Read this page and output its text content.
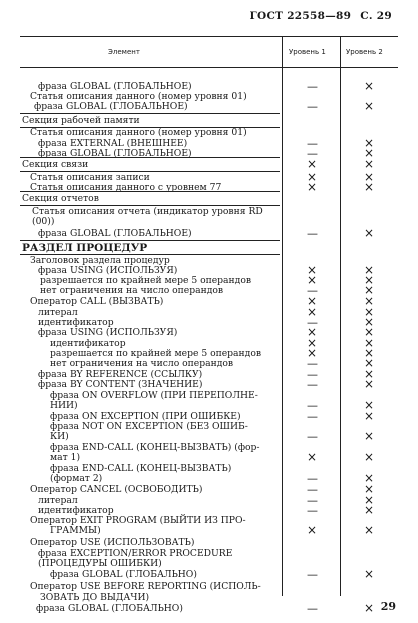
ГОСТ 22558—89 С. 29
Элемент	Уровень 1	Уровень 2
фраза GLOBAL (ГЛОБАЛЬНОЕ)	—	×
Статья описания данного (номер уровня 01)
фраза GLOBAL (ГЛОБАЛЬНОЕ)	—	×
Секция рабочей памяти
Статья описания данного (номер уровня 01)
фраза EXTERNAL (ВНЕШНЕЕ)	—	×
фраза GLOBAL (ГЛОБАЛЬНОЕ)	—	×
Секция связи	×	×
Статья описания записи	×	×
Статья описания данного с уровнем 77	×	×
Секция отчетов
Статья описания отчета (индикатор уровня RD
(00))
фраза GLOBAL (ГЛОБАЛЬНОЕ)	—	×
РАЗДЕЛ ПРОЦЕДУР
Заголовок раздела процедур
фраза USING (ИСПОЛЬЗУЯ)	×	×
разрешается по крайней мере 5 операндов	×	×
нет ограничения на число операндов	—	×
Оператор CALL (ВЫЗВАТЬ)	×	×
литерал	×	×
идентификатор	—	×
фраза USING (ИСПОЛЬЗУЯ)	×	×
идентификатор	×	×
разрешается по крайней мере 5 операндов	×	×
нет ограничения на число операндов	—	×
фраза BY REFERENCE (ССЫЛКУ)	—	×
фраза BY CONTENT (ЗНАЧЕНИЕ)	—	×
фраза ON OVERFLOW (ПРИ ПЕРЕПОЛНЕ-
НИИ)	—	×
фраза ON EXCEPTION (ПРИ ОШИБКЕ)	—	×
фраза NOT ON EXCEPTION (БЕЗ ОШИБ-
КИ)	—	×
фраза END-CALL (КОНЕЦ-ВЫЗВАТЬ) (фор-
мат 1)	×	×
фраза END-CALL (КОНЕЦ-ВЫЗВАТЬ)
(формат 2)	—	×
Оператор CANCEL (ОСВОБОДИТЬ)	—	×
литерал	—	×
идентификатор	—	×
Оператор EXIT PROGRAM (ВЫЙТИ ИЗ ПРО-
ГРАММЫ)	×	×
Оператор USE (ИСПОЛЬЗОВАТЬ)
фраза EXCEPTION/ERROR PROCEDURE
(ПРОЦЕДУРЫ ОШИБКИ)
фраза GLOBAL (ГЛОБАЛЬНО)	—	×
Оператор USE BEFORE REPORTING (ИСПОЛЬ-
ЗОВАТЬ ДО ВЫДАЧИ)
фраза GLOBAL (ГЛОБАЛЬНО)	—	× 29
